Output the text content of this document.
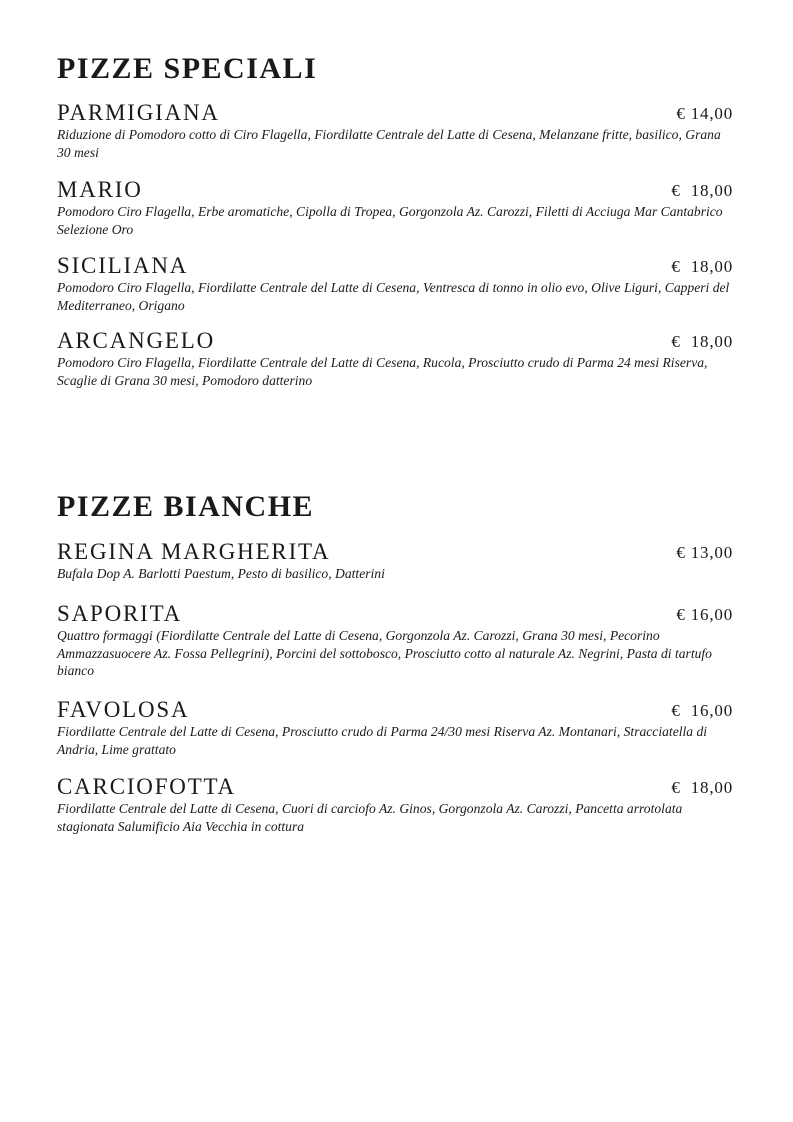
PIZZE SPECIALI
PARMIGIANA	€ 14,00

Riduzione di Pomodoro cotto di Ciro Flagella, Fiordilatte Centrale del Latte di Cesena, Melanzane fritte, basilico, Grana 30 mesi

MARIO	€  18,00

Pomodoro Ciro Flagella, Erbe aromatiche, Cipolla di Tropea, Gorgonzola Az. Carozzi, Filetti di Acciuga Mar Cantabrico Selezione Oro

SICILIANA	€  18,00

Pomodoro Ciro Flagella, Fiordilatte Centrale del Latte di Cesena, Ventresca di tonno in olio evo, Olive Liguri, Capperi del Mediterraneo, Origano

ARCANGELO	€  18,00

Pomodoro Ciro Flagella, Fiordilatte Centrale del Latte di Cesena, Rucola, Prosciutto crudo di Parma 24 mesi Riserva, Scaglie di Grana 30 mesi, Pomodoro datterino

PIZZE BIANCHE
REGINA MARGHERITA	€ 13,00

Bufala Dop A. Barlotti Paestum, Pesto di basilico, Datterini

SAPORITA	€ 16,00

Quattro formaggi (Fiordilatte Centrale del Latte di Cesena, Gorgonzola Az. Carozzi, Grana 30 mesi, Pecorino Ammazzasuocere Az. Fossa Pellegrini), Porcini del sottobosco, Prosciutto cotto al naturale Az. Negrini, Pasta di tartufo bianco

FAVOLOSA	€  16,00

Fiordilatte Centrale del Latte di Cesena, Prosciutto crudo di Parma 24/30 mesi Riserva Az. Montanari, Stracciatella di Andria, Lime grattato

CARCIOFOTTA	€  18,00

Fiordilatte Centrale del Latte di Cesena, Cuori di carciofo Az. Ginos, Gorgonzola Az. Carozzi, Pancetta arrotolata stagionata Salumificio Aia Vecchia in cottura
